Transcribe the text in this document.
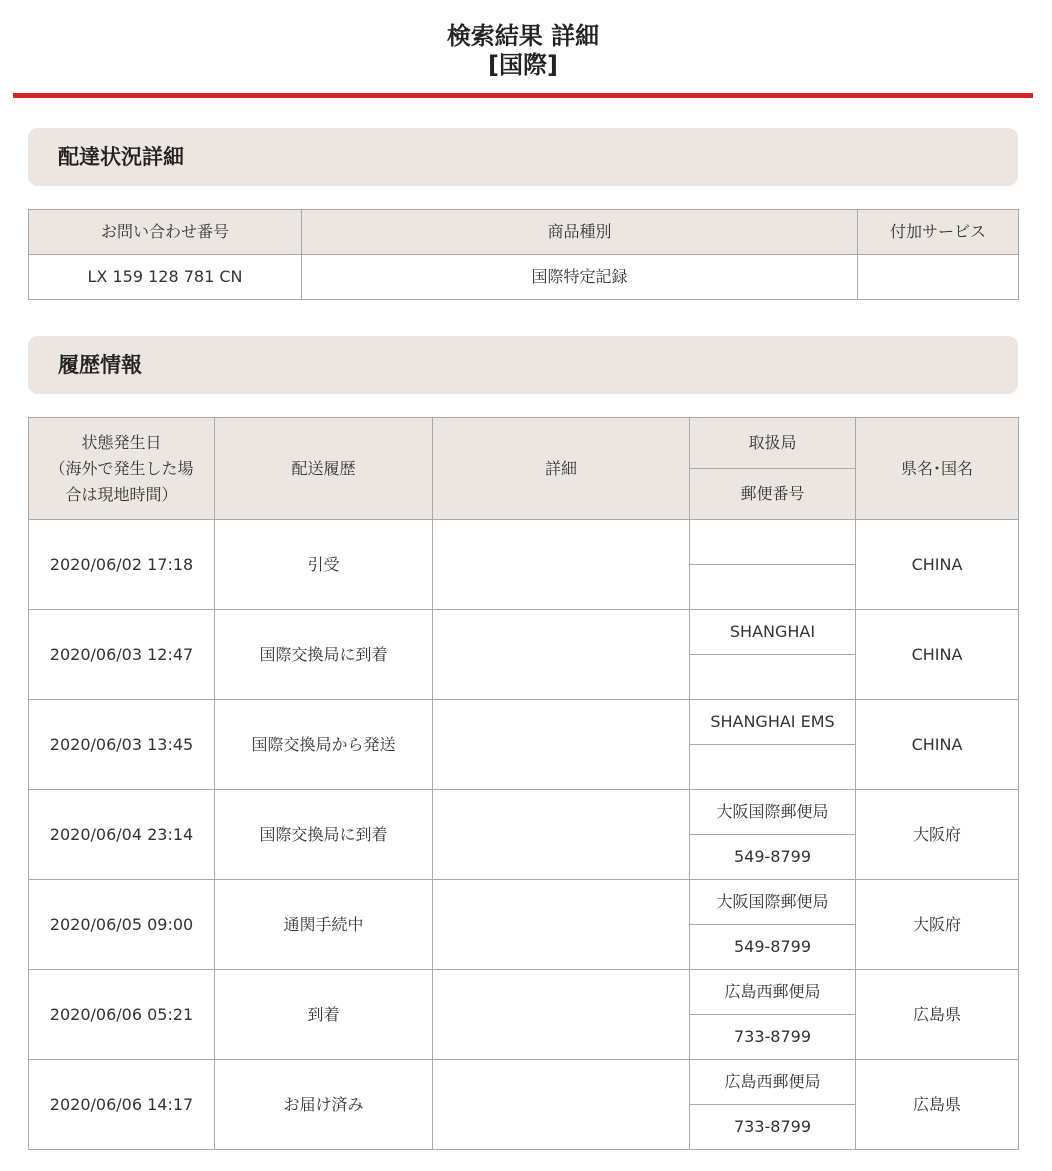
検索結果 詳細
[国際]
配達状況詳細
お問い合わせ番号	商品種別	付加サービス
LX 159 128 781 CN	国際特定記録	
履歴情報
状態発生日
（海外で発生した場
合は現地時間）	配送履歴	詳細	取扱局	県名･国名
			郵便番号	
2020/06/02 17:18	引受			CHINA

2020/06/03 12:47	国際交換局に到着		SHANGHAI	CHINA

2020/06/03 13:45	国際交換局から発送		SHANGHAI EMS	CHINA

2020/06/04 23:14	国際交換局に到着		大阪国際郵便局	大阪府
			549-8799	
2020/06/05 09:00	通関手続中		大阪国際郵便局	大阪府
			549-8799	
2020/06/06 05:21	到着		広島西郵便局	広島県
			733-8799	
2020/06/06 14:17	お届け済み		広島西郵便局	広島県
			733-8799	
